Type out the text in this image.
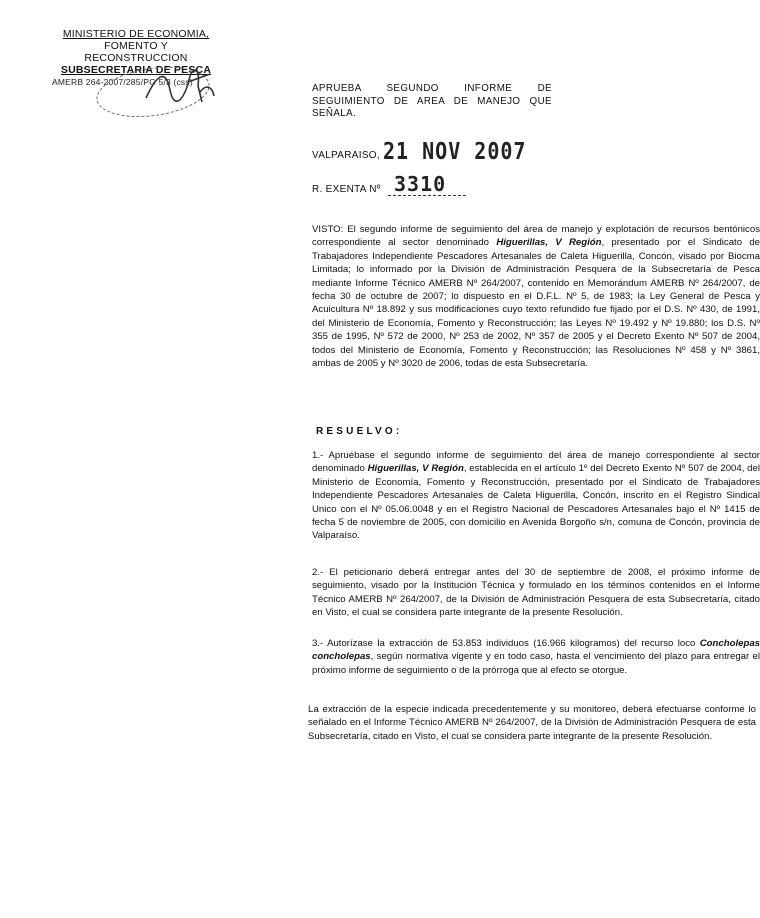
MINISTERIO DE ECONOMIA,
FOMENTO Y RECONSTRUCCION
SUBSECRETARIA DE PESCA
AMERB 264-2007/285/PG 5/3 (css)
APRUEBA SEGUNDO INFORME DE SEGUIMIENTO DE AREA DE MANEJO QUE SEÑALA.
VALPARAISO, 21 NOV 2007
R. EXENTA Nº 3310
VISTO: El segundo informe de seguimiento del área de manejo y explotación de recursos bentónicos correspondiente al sector denominado Higuerillas, V Región, presentado por el Sindicato de Trabajadores Independiente Pescadores Artesanales de Caleta Higuerilla, Concón, visado por Biocma Limitada; lo informado por la División de Administración Pesquera de la Subsecretaría de Pesca mediante Informe Técnico AMERB Nº 264/2007, contenido en Memorándum AMERB Nº 264/2007, de fecha 30 de octubre de 2007; lo dispuesto en el D.F.L. Nº 5, de 1983; la Ley General de Pesca y Acuicultura Nº 18.892 y sus modificaciones cuyo texto refundido fue fijado por el D.S. Nº 430, de 1991, del Ministerio de Economía, Fomento y Reconstrucción; las Leyes Nº 19.492 y Nº 19.880; los D.S. Nº 355 de 1995, Nº 572 de 2000, Nº 253 de 2002, Nº 357 de 2005 y el Decreto Exento Nº 507 de 2004, todos del Ministerio de Economía, Fomento y Reconstrucción; las Resoluciones Nº 458 y Nº 3861, ambas de 2005 y Nº 3020 de 2006, todas de esta Subsecretaría.
RESUELVO:
1.- Apruébase el segundo informe de seguimiento del área de manejo correspondiente al sector denominado Higuerillas, V Región, establecida en el artículo 1º del Decreto Exento Nº 507 de 2004, del Ministerio de Economía, Fomento y Reconstrucción, presentado por el Sindicato de Trabajadores Independiente Pescadores Artesanales de Caleta Higuerilla, Concón, inscrito en el Registro Sindical Unico con el Nº 05.06.0048 y en el Registro Nacional de Pescadores Artesanales bajo el Nº 1415 de fecha 5 de noviembre de 2005, con domicilio en Avenida Borgoño s/n, comuna de Concón, provincia de Valparaíso.
2.- El peticionario deberá entregar antes del 30 de septiembre de 2008, el próximo informe de seguimiento, visado por la Institución Técnica y formulado en los términos contenidos en el Informe Técnico AMERB Nº 264/2007, de la División de Administración Pesquera de esta Subsecretaría, citado en Visto, el cual se considera parte integrante de la presente Resolución.
3.- Autorízase la extracción de 53.853 individuos (16.966 kilogramos) del recurso loco Concholepas concholepas, según normativa vigente y en todo caso, hasta el vencimiento del plazo para entregar el próximo informe de seguimiento o de la prórroga que al efecto se otorgue.
La extracción de la especie indicada precedentemente y su monitoreo, deberá efectuarse conforme lo señalado en el Informe Técnico AMERB Nº 264/2007, de la División de Administración Pesquera de esta Subsecretaría, citado en Visto, el cual se considera parte integrante de la presente Resolución.
